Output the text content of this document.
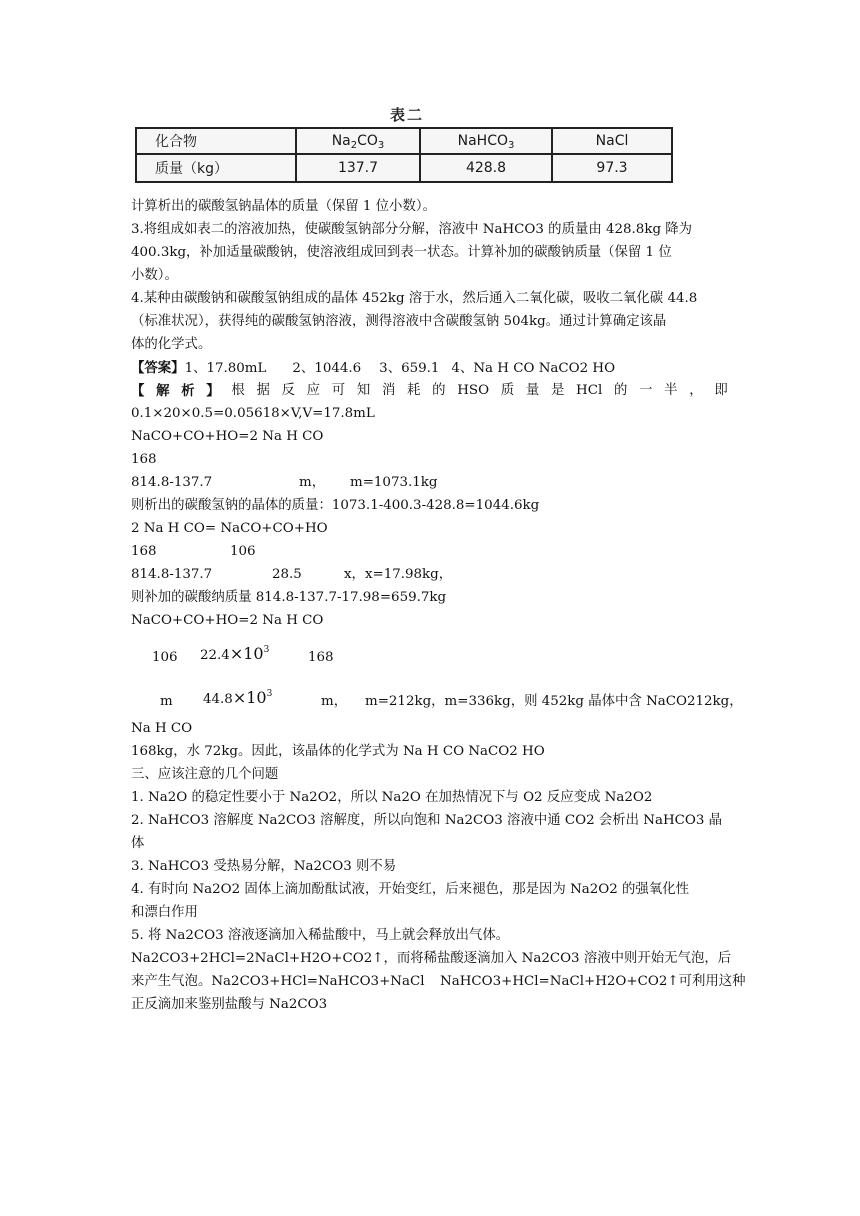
表二
化合物	$Na_2CO_3$	NaHCO$_3$	NaCl
质量（kg）	137.7	428.8	97.3
计算析出的碳酸氢钠晶体的质量（保留 1 位小数）。
3.将组成如表二的溶液加热，使碳酸氢钠部分分解，溶液中 NaHCO3 的质量由 428.8kg 降为
400.3kg，补加适量碳酸钠，使溶液组成回到表一状态。计算补加的碳酸钠质量（保留 1 位
小数）。
4.某种由碳酸钠和碳酸氢钠组成的晶体 452kg 溶于水，然后通入二氧化碳，吸收二氧化碳 44.8
（标准状况），获得纯的碳酸氢钠溶液，测得溶液中含碳酸氢钠 504kg。通过计算确定该晶
体的化学式。
【答案】1、17.80mL 2、1044.6 3、659.1 4、Na H CO NaCO2 HO
【 解 析 】 根 据 反 应 可 知 消 耗 的 HSO 质 量 是 HCl 的 一 半 ， 即
0.1×20×0.5=0.05618×V,V=17.8mL
NaCO+CO+HO=2 Na H CO
168
814.8-137.7	m， m=1073.1kg
则析出的碳酸氢钠的晶体的质量：1073.1-400.3-428.8=1044.6kg
2 Na H CO= NaCO+CO+HO
168	106
814.8-137.7	28.5	x，x=17.98kg，
则补加的碳酸纳质量 814.8-137.7-17.98=659.7kg
NaCO+CO+HO=2 Na H CO
106 $22.4\times 10^3$	168
m $44.8\times 10^3$	m， m=212kg，m=336kg，则 452kg 晶体中含 NaCO212kg，
Na H CO
168kg，水 72kg。因此，该晶体的化学式为 Na H CO NaCO2 HO
三、应该注意的几个问题
1. Na2O 的稳定性要小于 Na2O2，所以 Na2O 在加热情况下与 O2 反应变成 Na2O2
2. NaHCO3 溶解度 Na2CO3 溶解度，所以向饱和 Na2CO3 溶液中通 CO2 会析出 NaHCO3 晶
体
3. NaHCO3 受热易分解，Na2CO3 则不易
4. 有时向 Na2O2 固体上滴加酚酞试液，开始变红，后来褪色，那是因为 Na2O2 的强氧化性
和漂白作用
5. 将 Na2CO3 溶液逐滴加入稀盐酸中，马上就会释放出气体。
Na2CO3+2HCl=2NaCl+H2O+CO2↑，而将稀盐酸逐滴加入 Na2CO3 溶液中则开始无气泡，后
来产生气泡。Na2CO3+HCl=NaHCO3+NaCl NaHCO3+HCl=NaCl+H2O+CO2↑可利用这种
正反滴加来鉴别盐酸与 Na2CO3
